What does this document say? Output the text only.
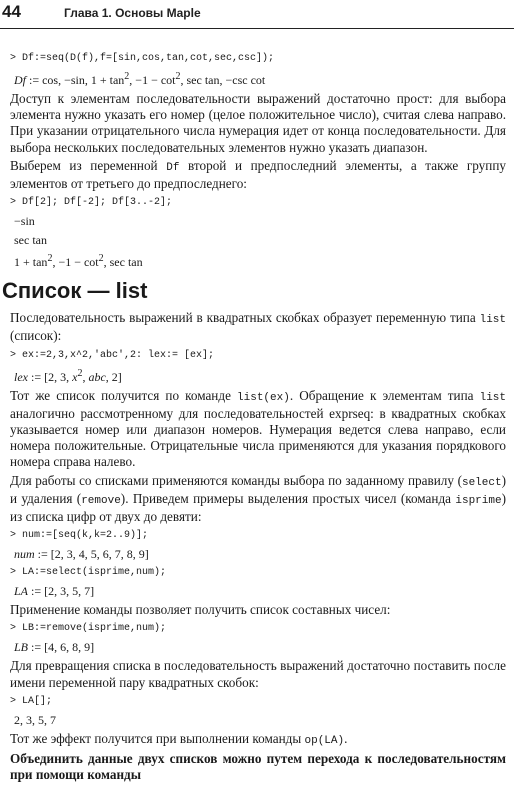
44	Глава 1. Основы Maple
> Df:=seq(D(f),f=[sin,cos,tan,cot,sec,csc]);
Df := cos, −sin, $1 + \tan^2$, $-1 - \cot^2$, sec tan, −csc cot

Доступ к элементам последовательности выражений достаточно прост: для выбора элемента нужно указать его номер (целое положительное число), считая слева направо. При указании отрицательного числа нумерация идет от конца последовательности. Для выбора нескольких последовательных элементов нужно указать диапазон.

Выберем из переменной Df второй и предпоследний элементы, а также группу элементов от третьего до предпоследнего:

> Df[2]; Df[-2]; Df[3..-2];
−sin
sec tan
$1 + \tan^2$, $-1 - \cot^2$, sec tan
Список — list

Последовательность выражений в квадратных скобках образует переменную типа list (список):

> ex:=2,3,x^2,'abc',2: lex:= [ex];
lex := [2, 3, $x^2$, abc, 2]

Тот же список получится по команде list(ex). Обращение к элементам типа list аналогично рассмотренному для последовательностей exprseq: в квадратных скобках указывается номер или диапазон номеров. Нумерация ведется слева направо, если номера положительные. Отрицательные числа применяются для указания порядкового номера справа налево.

Для работы со списками применяются команды выбора по заданному правилу (select) и удаления (remove). Приведем примеры выделения простых чисел (команда isprime) из списка цифр от двух до девяти:

> num:=[seq(k,k=2..9)];
num := [2, 3, 4, 5, 6, 7, 8, 9]
> LA:=select(isprime,num);
LA := [2, 3, 5, 7]

Применение команды позволяет получить список составных чисел:

> LB:=remove(isprime,num);
LB := [4, 6, 8, 9]

Для превращения списка в последовательность выражений достаточно поставить после имени переменной пару квадратных скобок:

> LA[];
2, 3, 5, 7

Тот же эффект получится при выполнении команды op(LA).

Объединить данные двух списков можно путем перехода к последовательностям при помощи команды
